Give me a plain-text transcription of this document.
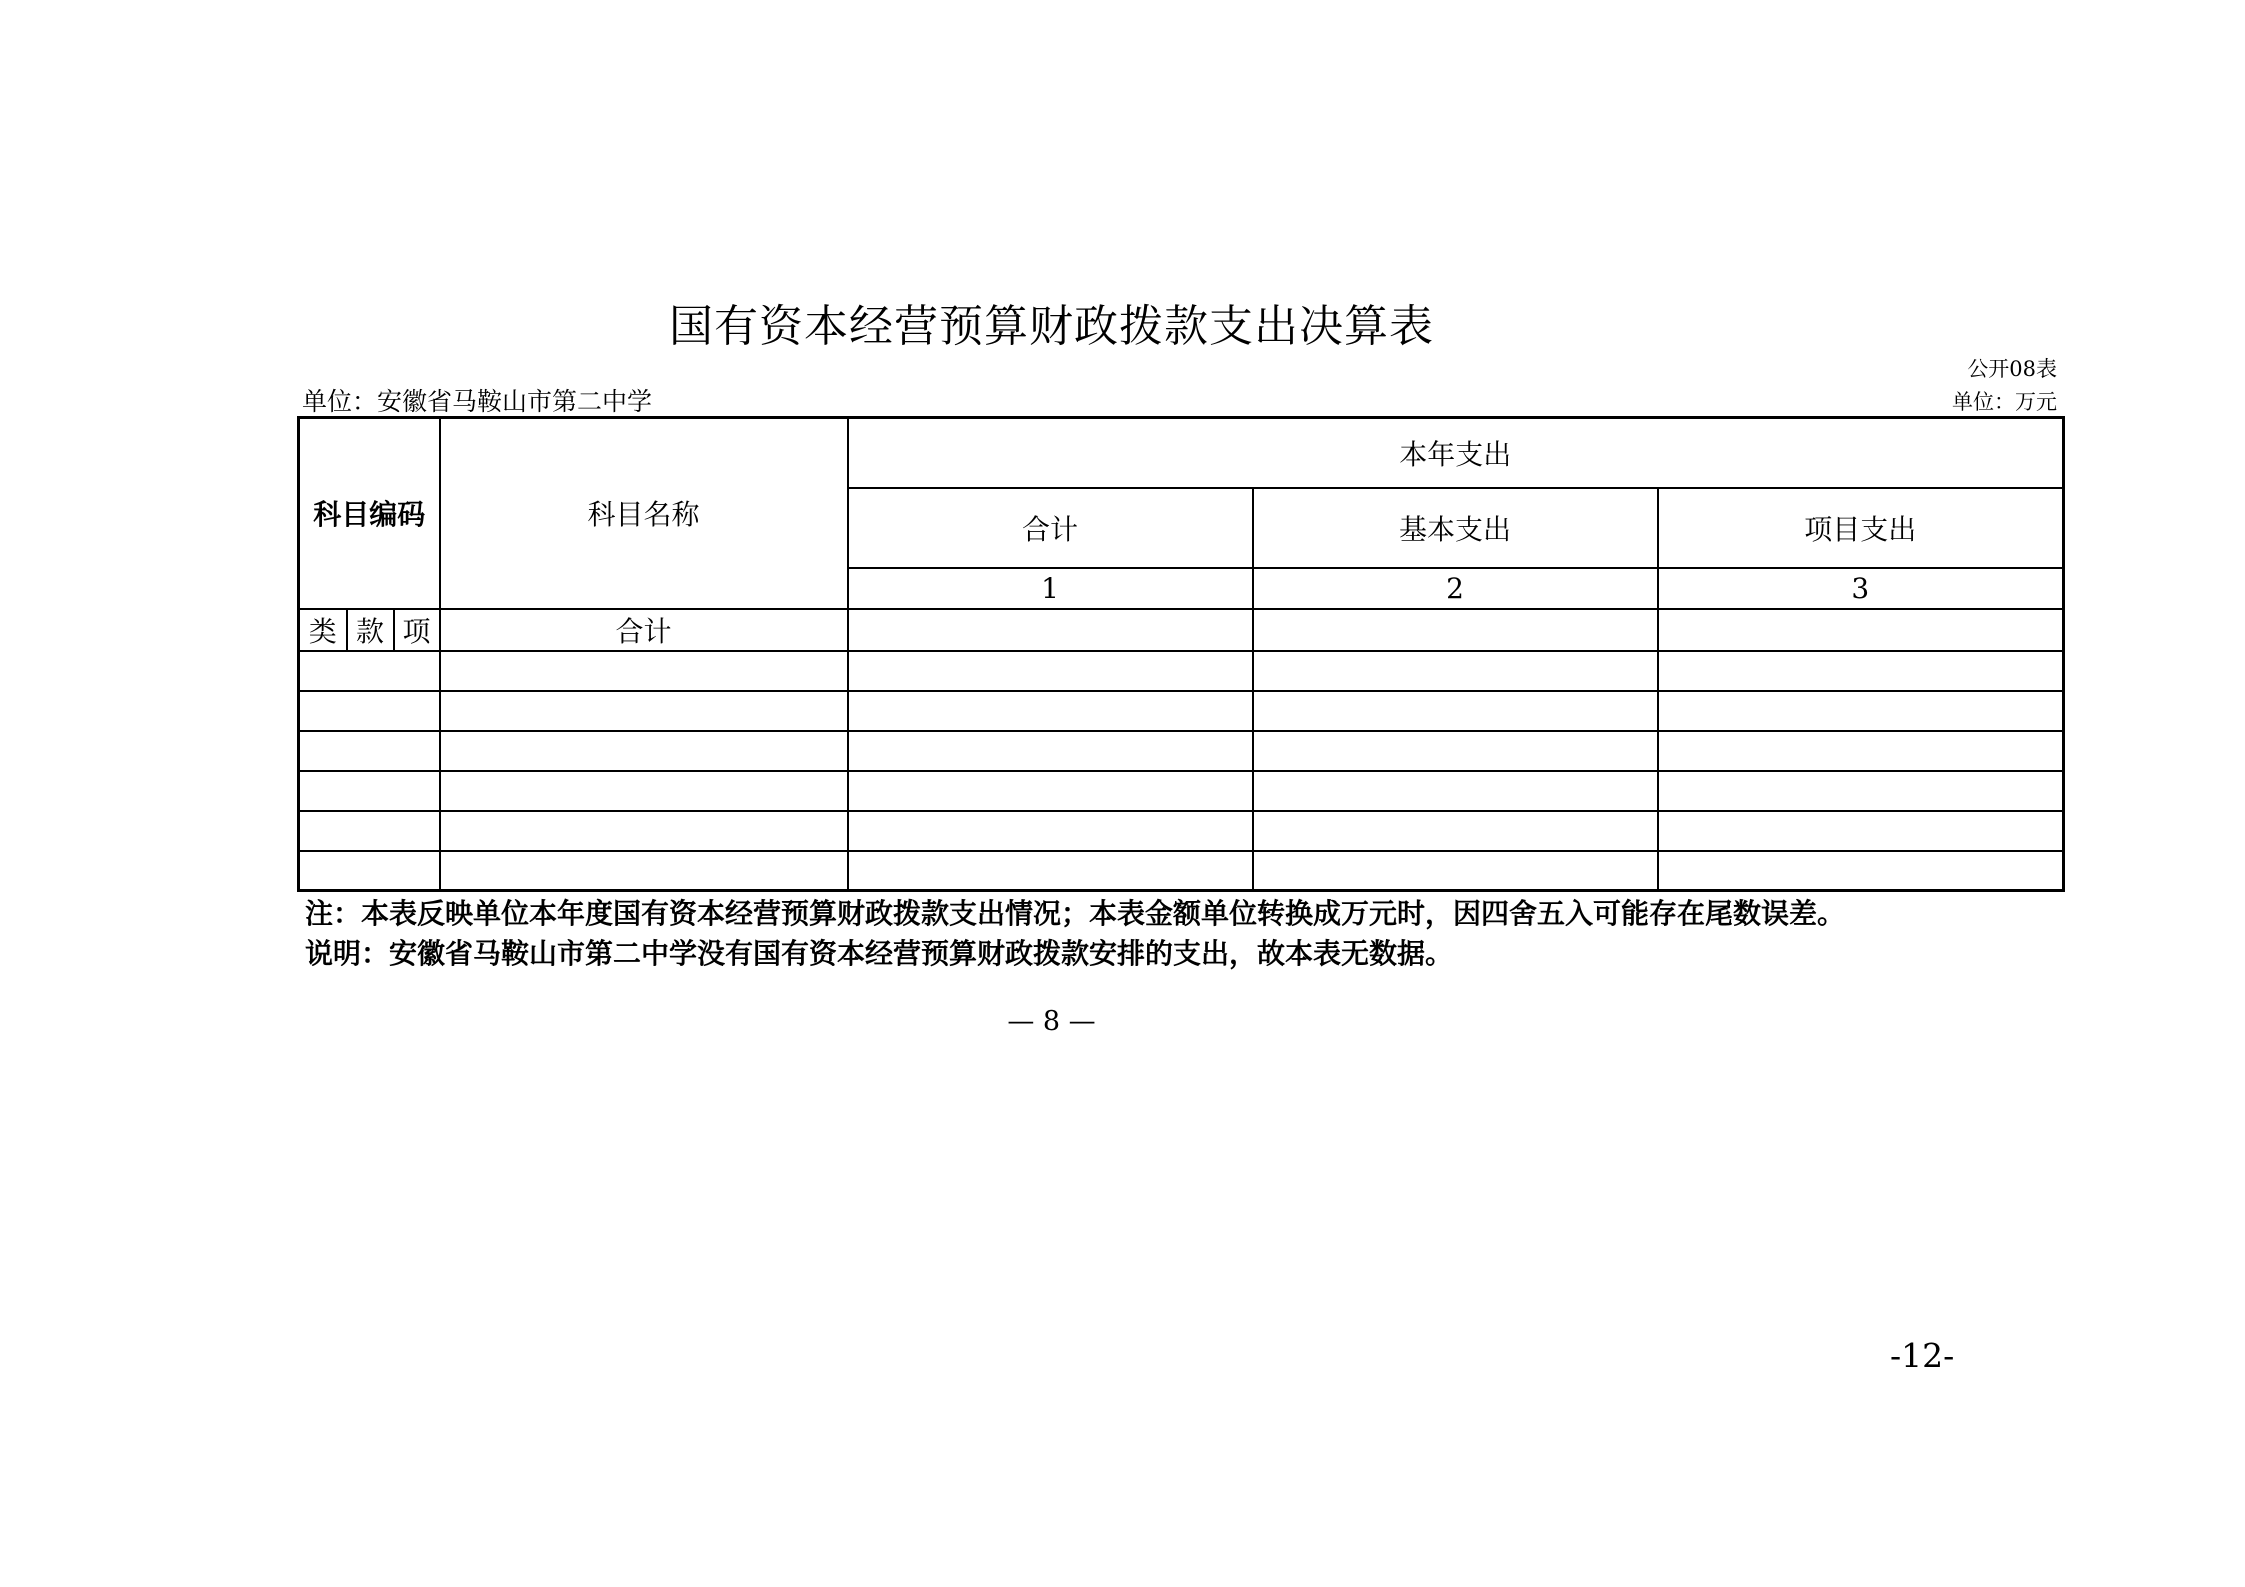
国有资本经营预算财政拨款支出决算表
公开08表
单位：安徽省马鞍山市第二中学	单位：万元
科目编码			科目名称	本年支出		
				合计	基本支出	项目支出
				1	2	3
类	款	项	合计			

注：本表反映单位本年度国有资本经营预算财政拨款支出情况；本表金额单位转换成万元时，因四舍五入可能存在尾数误差。
说明：安徽省马鞍山市第二中学没有国有资本经营预算财政拨款安排的支出，故本表无数据。
— 8 —
-12-
